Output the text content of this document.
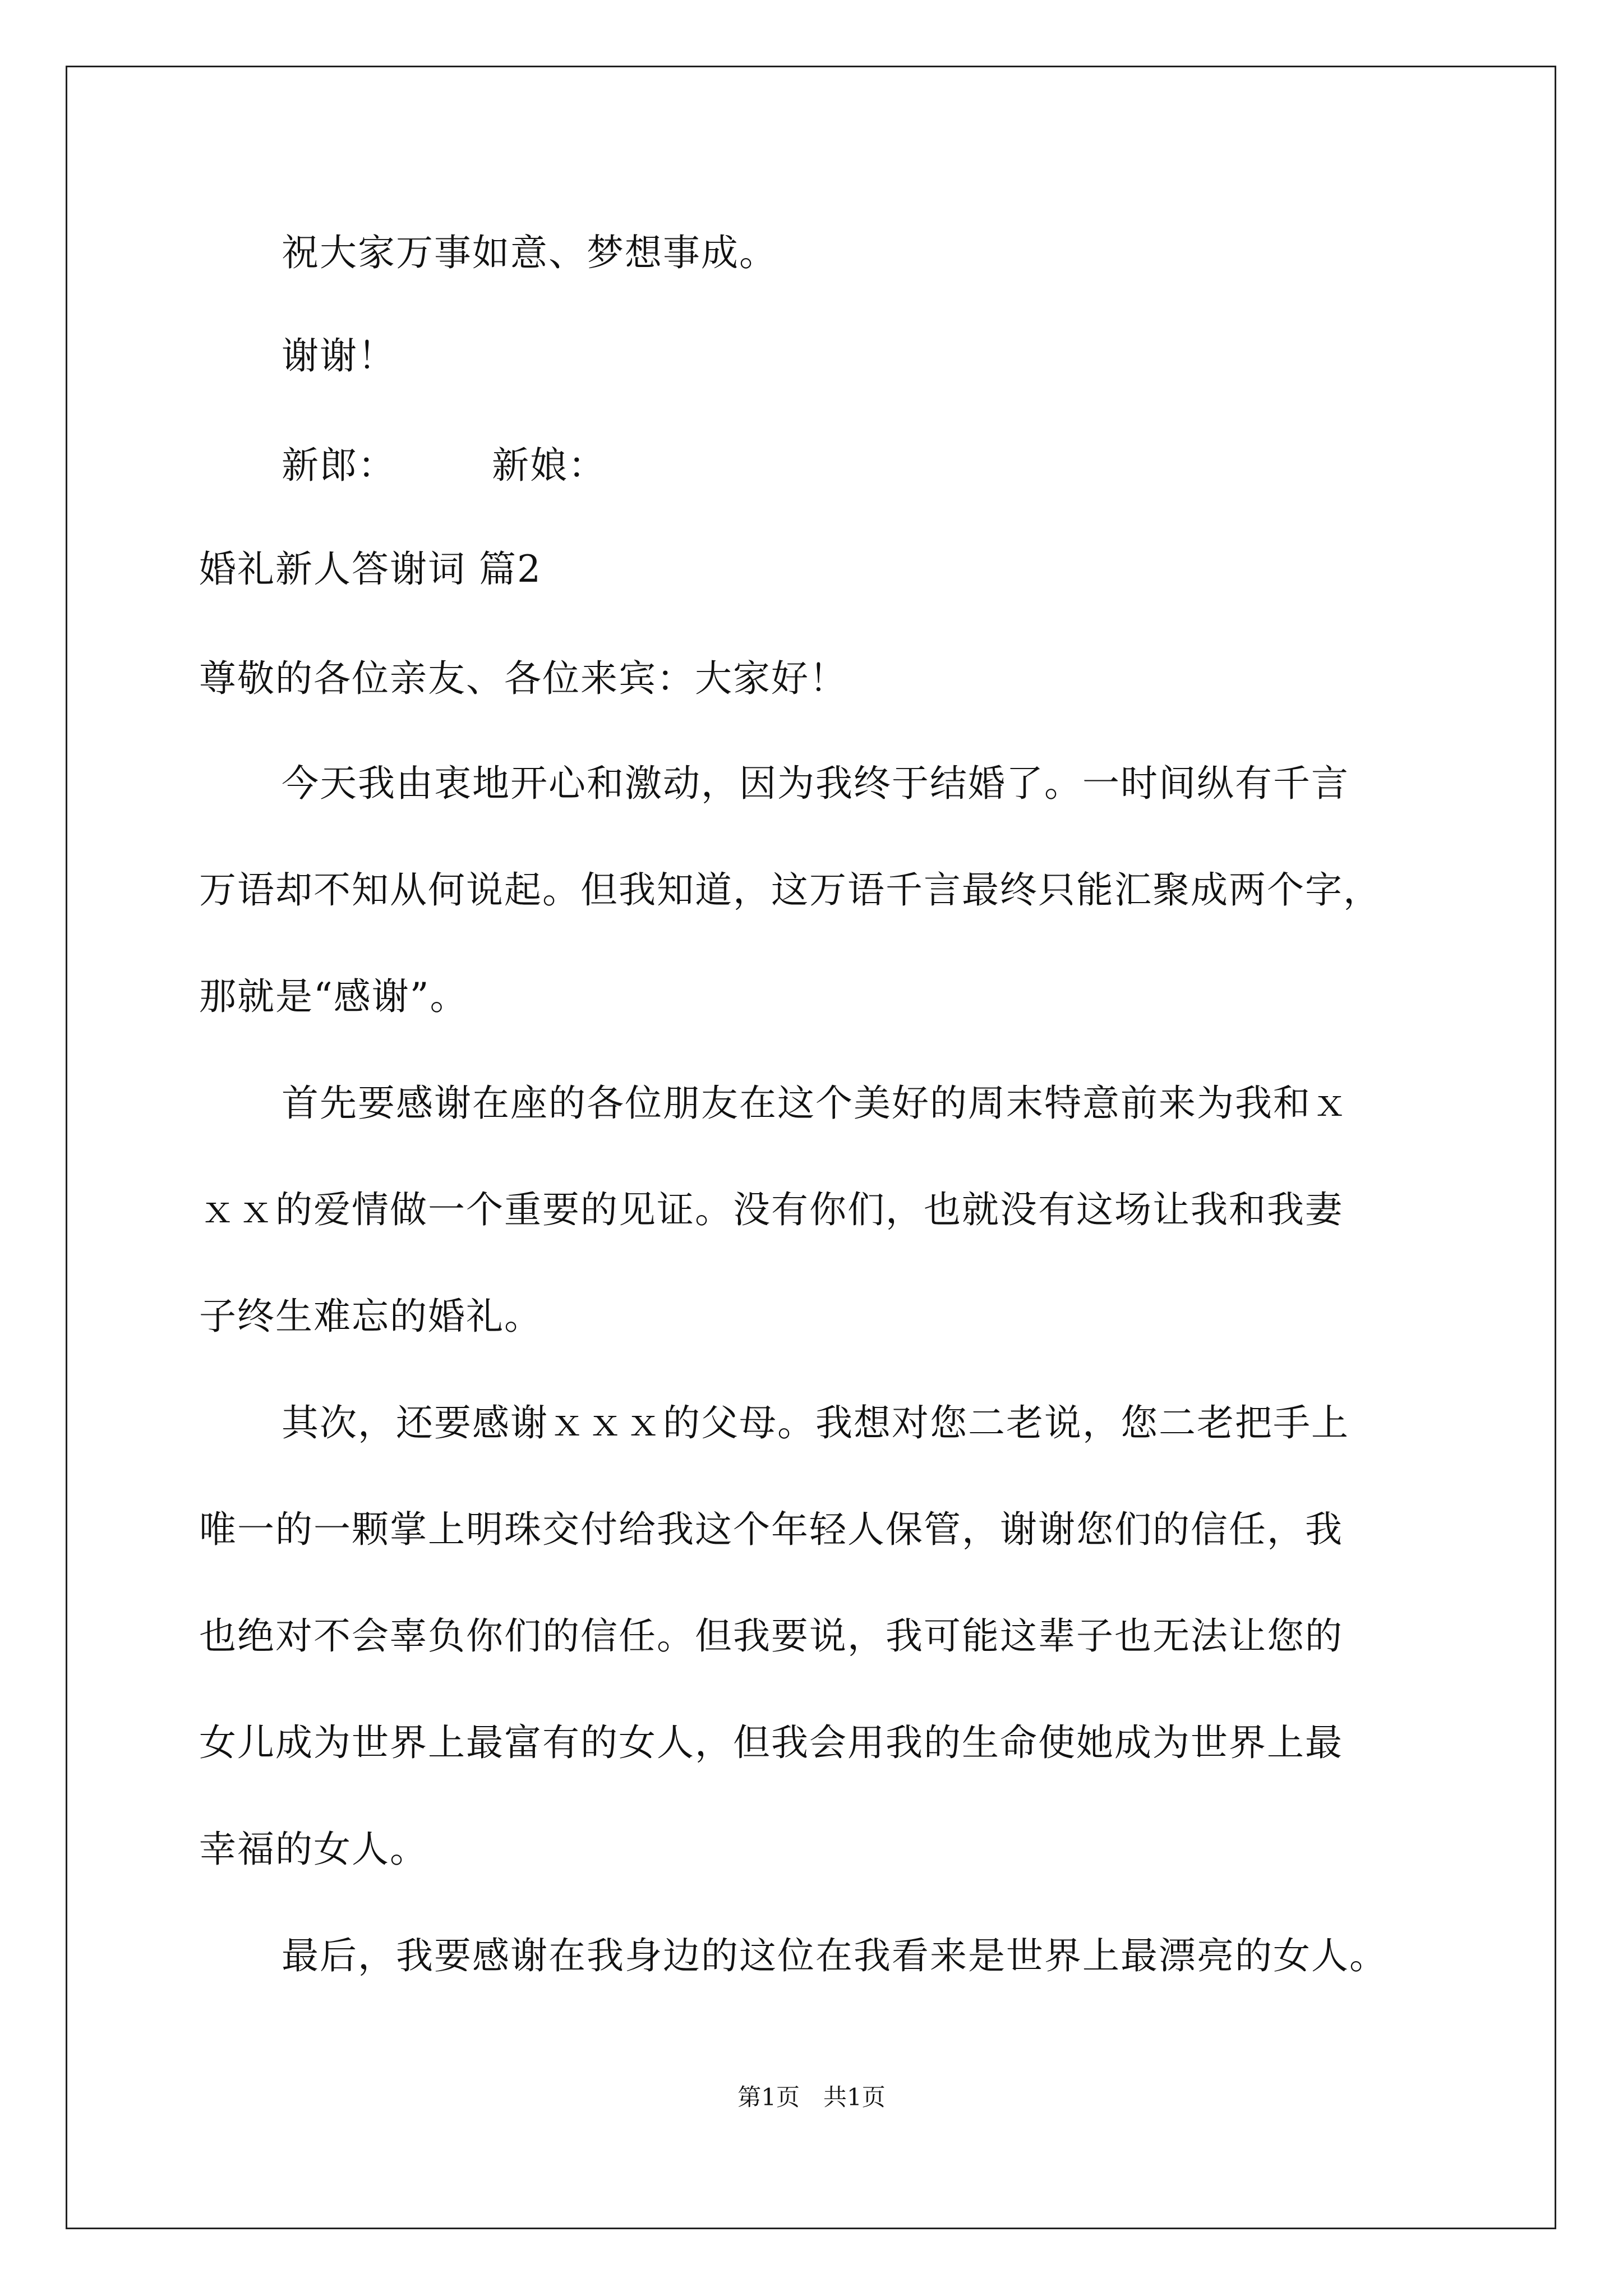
祝大家万事如意、梦想事成。
谢谢！
新郎：　　　新娘：
婚礼新人答谢词 篇2
尊敬的各位亲友、各位来宾：大家好！
今天我由衷地开心和激动，因为我终于结婚了。一时间纵有千言
万语却不知从何说起。但我知道，这万语千言最终只能汇聚成两个字，
那就是“感谢”。
首先要感谢在座的各位朋友在这个美好的周末特意前来为我和ｘ
ｘｘ的爱情做一个重要的见证。没有你们，也就没有这场让我和我妻
子终生难忘的婚礼。
其次，还要感谢ｘｘｘ的父母。我想对您二老说，您二老把手上
唯一的一颗掌上明珠交付给我这个年轻人保管，谢谢您们的信任，我
也绝对不会辜负你们的信任。但我要说，我可能这辈子也无法让您的
女儿成为世界上最富有的女人，但我会用我的生命使她成为世界上最
幸福的女人。
最后，我要感谢在我身边的这位在我看来是世界上最漂亮的女人。
第1页　共1页
